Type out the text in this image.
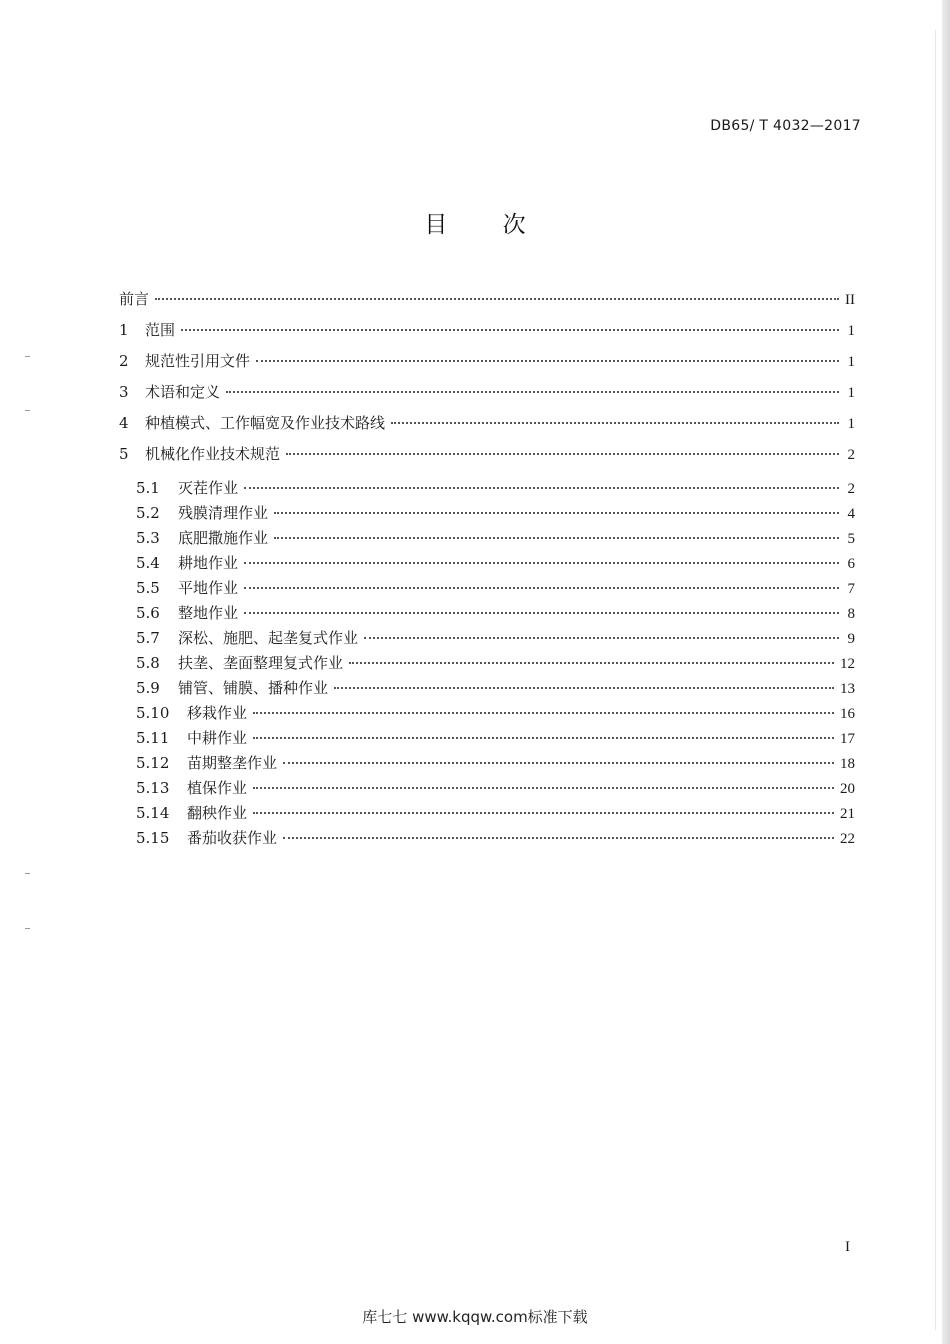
DB65/ T 4032—2017
目 次
前言	II
1	范围	1
2	规范性引用文件	1
3	术语和定义	1
4	种植模式、工作幅宽及作业技术路线	1
5	机械化作业技术规范	2
5.1	灭茬作业	2
5.2	残膜清理作业	4
5.3	底肥撒施作业	5
5.4	耕地作业	6
5.5	平地作业	7
5.6	整地作业	8
5.7	深松、施肥、起垄复式作业	9
5.8	扶垄、垄面整理复式作业	12
5.9	铺管、铺膜、播种作业	13
5.10	移栽作业	16
5.11	中耕作业	17
5.12	苗期整垄作业	18
5.13	植保作业	20
5.14	翻秧作业	21
5.15	番茄收获作业	22
I
库七七 www.kqqw.com标准下载
